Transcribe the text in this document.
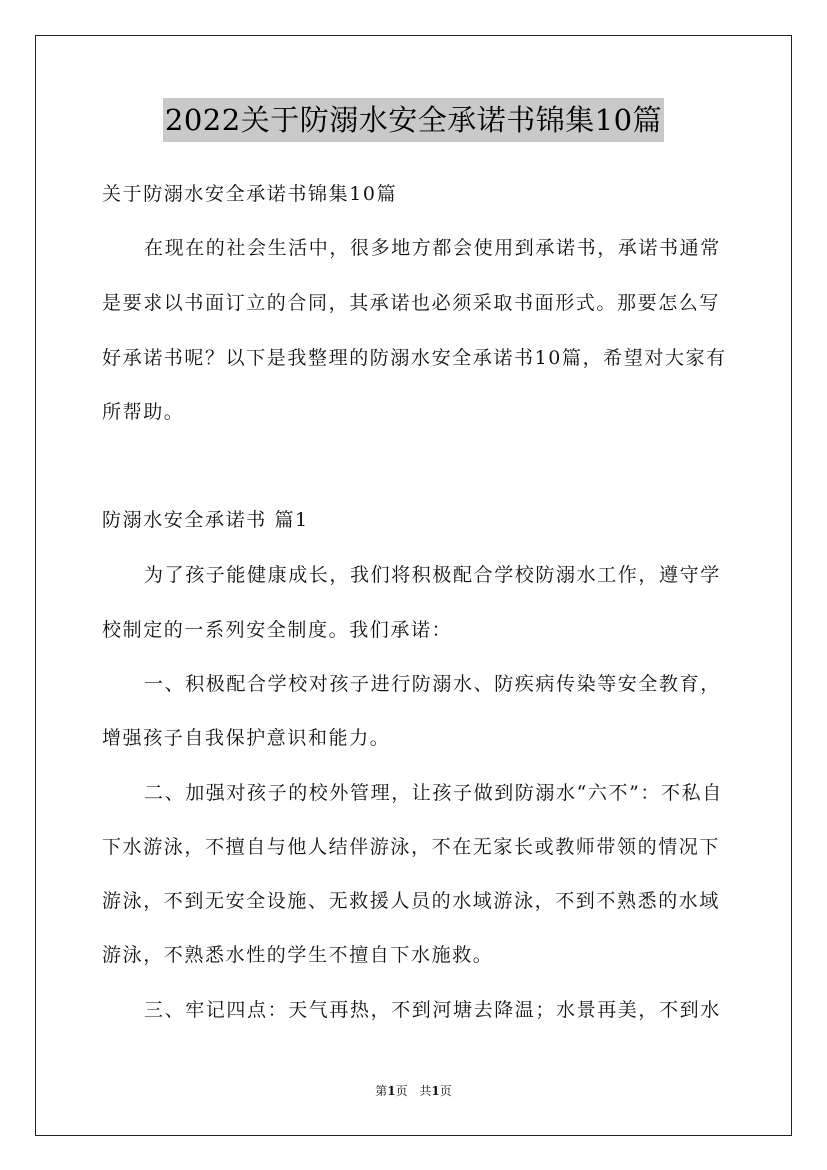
2022关于防溺水安全承诺书锦集10篇
关于防溺水安全承诺书锦集10篇
在现在的社会生活中，很多地方都会使用到承诺书，承诺书通常
是要求以书面订立的合同，其承诺也必须采取书面形式。那要怎么写
好承诺书呢？以下是我整理的防溺水安全承诺书10篇，希望对大家有
所帮助。
防溺水安全承诺书 篇1
为了孩子能健康成长，我们将积极配合学校防溺水工作，遵守学
校制定的一系列安全制度。我们承诺：
一、积极配合学校对孩子进行防溺水、防疾病传染等安全教育，
增强孩子自我保护意识和能力。
二、加强对孩子的校外管理，让孩子做到防溺水“六不”：不私自
下水游泳，不擅自与他人结伴游泳，不在无家长或教师带领的情况下
游泳，不到无安全设施、无救援人员的水域游泳，不到不熟悉的水域
游泳，不熟悉水性的学生不擅自下水施救。
三、牢记四点：天气再热，不到河塘去降温；水景再美，不到水
第1页 共1页
